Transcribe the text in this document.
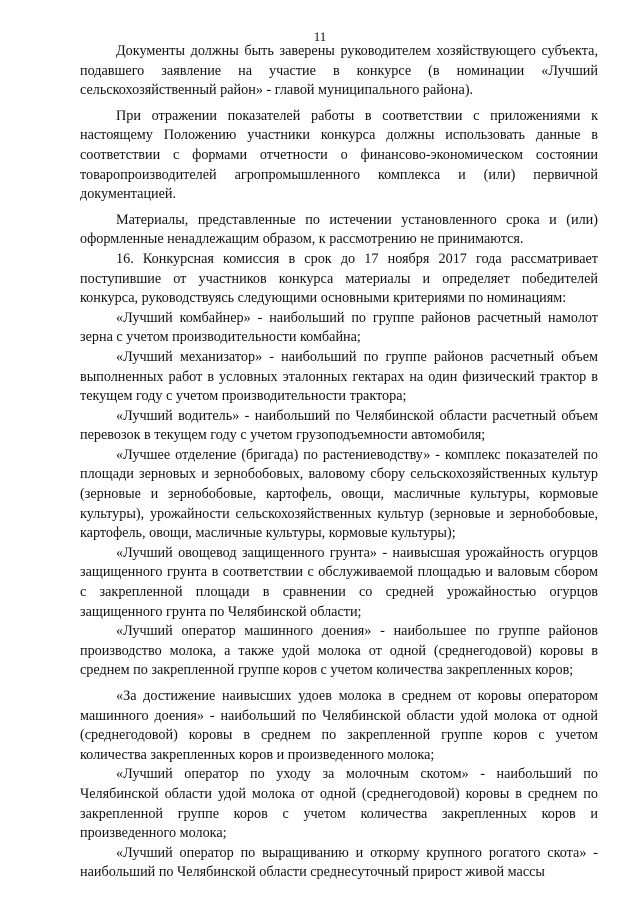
11

Документы должны быть заверены руководителем хозяйствующего субъекта, подавшего заявление на участие в конкурсе (в номинации «Лучший сельскохозяйственный район» - главой муниципального района).

При отражении показателей работы в соответствии с приложениями к настоящему Положению участники конкурса должны использовать данные в соответствии с формами отчетности о финансово-экономическом состоянии товаропроизводителей агропромышленного комплекса и (или) первичной документацией.

Материалы, представленные по истечении установленного срока и (или) оформленные ненадлежащим образом, к рассмотрению не принимаются.

16. Конкурсная комиссия в срок до 17 ноября 2017 года рассматривает поступившие от участников конкурса материалы и определяет победителей конкурса, руководствуясь следующими основными критериями по номинациям:

«Лучший комбайнер» - наибольший по группе районов расчетный намолот зерна с учетом производительности комбайна;

«Лучший механизатор» - наибольший по группе районов расчетный объем выполненных работ в условных эталонных гектарах на один физический трактор в текущем году с учетом производительности трактора;

«Лучший водитель» - наибольший по Челябинской области расчетный объем перевозок в текущем году с учетом грузоподъемности автомобиля;

«Лучшее отделение (бригада) по растениеводству» - комплекс показателей по площади зерновых и зернобобовых, валовому сбору сельскохозяйственных культур (зерновые и зернобобовые, картофель, овощи, масличные культуры, кормовые культуры), урожайности сельскохозяйственных культур (зерновые и зернобобовые, картофель, овощи, масличные культуры, кормовые культуры);

«Лучший овощевод защищенного грунта» - наивысшая урожайность огурцов защищенного грунта в соответствии с обслуживаемой площадью и валовым сбором с закрепленной площади в сравнении со средней урожайностью огурцов защищенного грунта по Челябинской области;

«Лучший оператор машинного доения» - наибольшее по группе районов производство молока, а также удой молока от одной (среднегодовой) коровы в среднем по закрепленной группе коров с учетом количества закрепленных коров;

«За достижение наивысших удоев молока в среднем от коровы оператором машинного доения» - наибольший по Челябинской области удой молока от одной (среднегодовой) коровы в среднем по закрепленной группе коров с учетом количества закрепленных коров и произведенного молока;

«Лучший оператор по уходу за молочным скотом» - наибольший по Челябинской области удой молока от одной (среднегодовой) коровы в среднем по закрепленной группе коров с учетом количества закрепленных коров и произведенного молока;

«Лучший оператор по выращиванию и откорму крупного рогатого скота» - наибольший по Челябинской области среднесуточный прирост живой массы
